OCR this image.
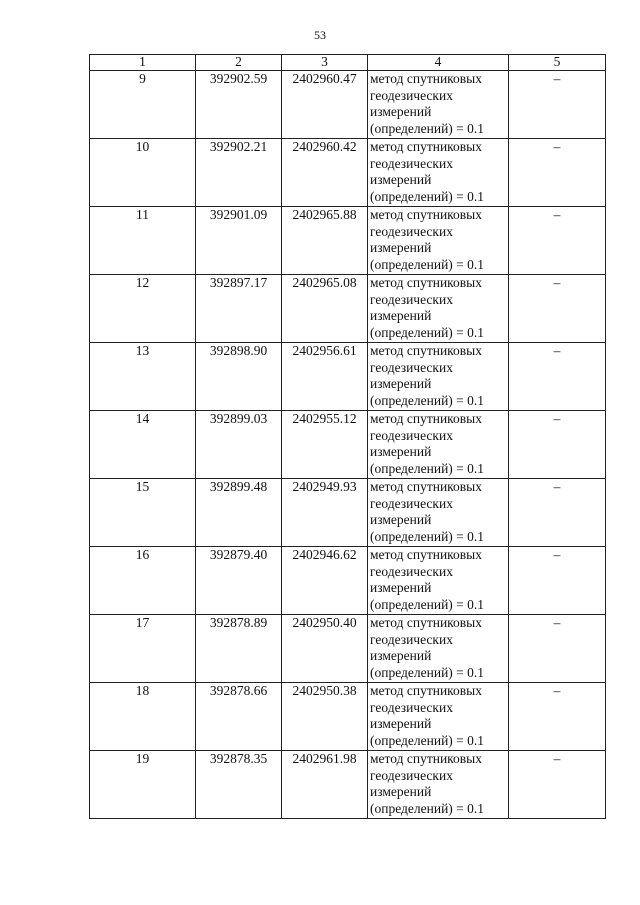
53
1	2	3	4	5
9	392902.59	2402960.47	метод спутниковых
геодезических
измерений
(определений) = 0.1	–
10	392902.21	2402960.42	метод спутниковых
геодезических
измерений
(определений) = 0.1	–
11	392901.09	2402965.88	метод спутниковых
геодезических
измерений
(определений) = 0.1	–
12	392897.17	2402965.08	метод спутниковых
геодезических
измерений
(определений) = 0.1	–
13	392898.90	2402956.61	метод спутниковых
геодезических
измерений
(определений) = 0.1	–
14	392899.03	2402955.12	метод спутниковых
геодезических
измерений
(определений) = 0.1	–
15	392899.48	2402949.93	метод спутниковых
геодезических
измерений
(определений) = 0.1	–
16	392879.40	2402946.62	метод спутниковых
геодезических
измерений
(определений) = 0.1	–
17	392878.89	2402950.40	метод спутниковых
геодезических
измерений
(определений) = 0.1	–
18	392878.66	2402950.38	метод спутниковых
геодезических
измерений
(определений) = 0.1	–
19	392878.35	2402961.98	метод спутниковых
геодезических
измерений
(определений) = 0.1	–
